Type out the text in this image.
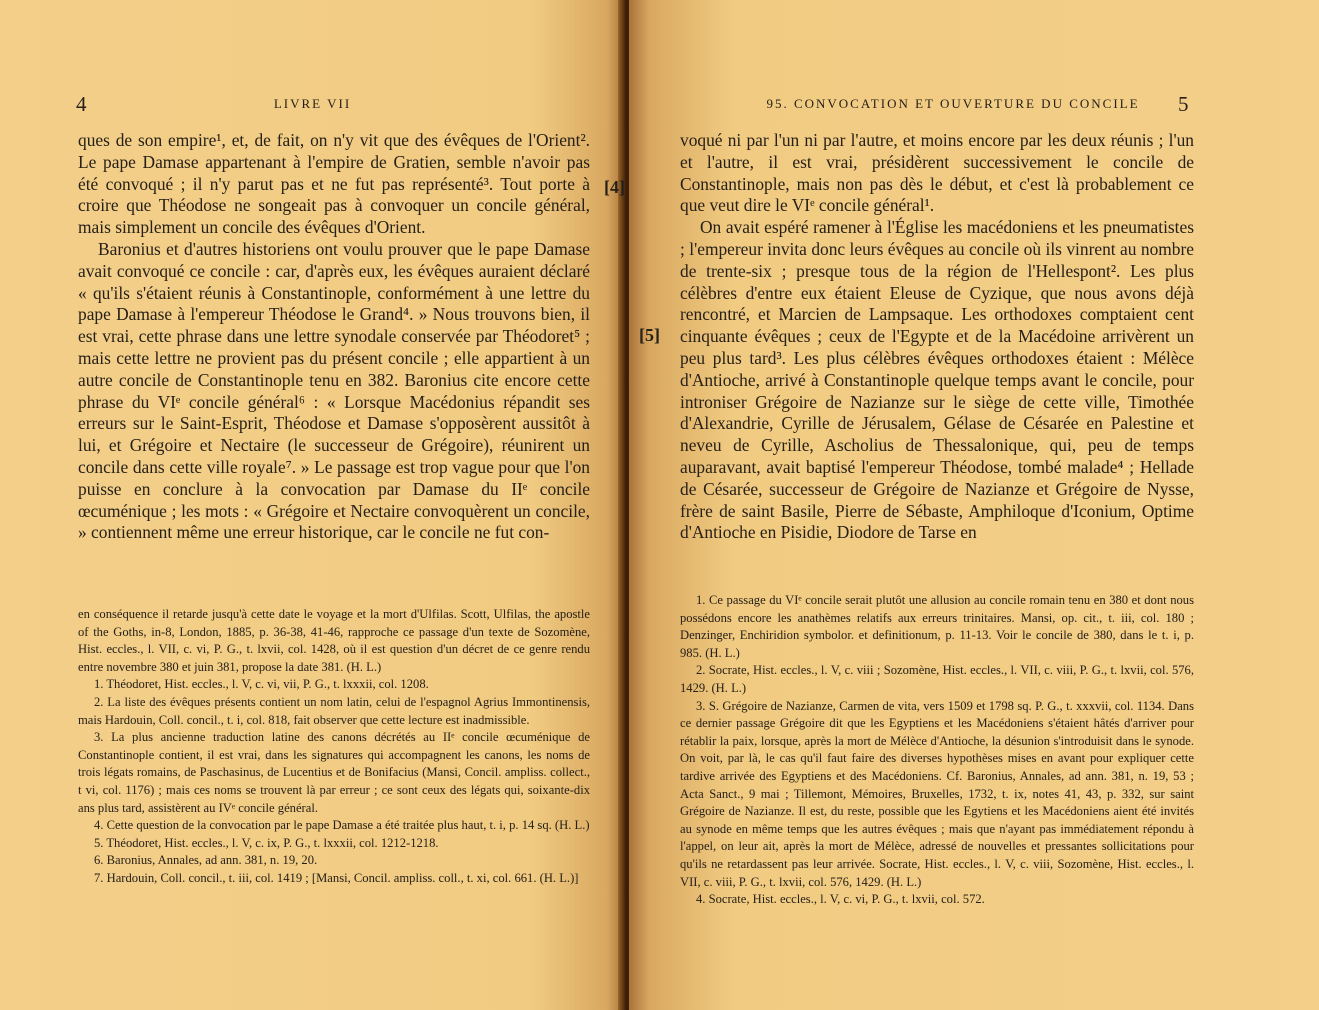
4	LIVRE VII

ques de son empire¹, et, de fait, on n'y vit que des évêques de l'Orient². Le pape Damase appartenant à l'empire de Gratien, semble n'avoir pas été convoqué ; il n'y parut pas et ne fut pas représenté³. Tout porte à croire que Théodose ne songeait pas à convoquer un concile général, mais simplement un concile des évêques d'Orient.

Baronius et d'autres historiens ont voulu prouver que le pape Damase avait convoqué ce concile : car, d'après eux, les évêques auraient déclaré « qu'ils s'étaient réunis à Constantinople, conformément à une lettre du pape Damase à l'empereur Théodose le Grand⁴. » Nous trouvons bien, il est vrai, cette phrase dans une lettre synodale conservée par Théodoret⁵ ; mais cette lettre ne provient pas du présent concile ; elle appartient à un autre concile de Constantinople tenu en 382. Baronius cite encore cette phrase du VIᵉ concile général⁶ : « Lorsque Macédonius répandit ses erreurs sur le Saint-Esprit, Théodose et Damase s'opposèrent aussitôt à lui, et Grégoire et Nectaire (le successeur de Grégoire), réunirent un concile dans cette ville royale⁷. » Le passage est trop vague pour que l'on puisse en conclure à la convocation par Damase du IIᵉ concile œcuménique ; les mots : « Grégoire et Nectaire convoquèrent un concile, » contiennent même une erreur historique, car le concile ne fut con-

en conséquence il retarde jusqu'à cette date le voyage et la mort d'Ulfilas. Scott, Ulfilas, the apostle of the Goths, in-8, London, 1885, p. 36-38, 41-46, rapproche ce passage d'un texte de Sozomène, Hist. eccles., l. VII, c. vi, P. G., t. lxvii, col. 1428, où il est question d'un décret de ce genre rendu entre novembre 380 et juin 381, propose la date 381. (H. L.)

1. Théodoret, Hist. eccles., l. V, c. vi, vii, P. G., t. lxxxii, col. 1208.

2. La liste des évêques présents contient un nom latin, celui de l'espagnol Agrius Immontinensis, mais Hardouin, Coll. concil., t. i, col. 818, fait observer que cette lecture est inadmissible.

3. La plus ancienne traduction latine des canons décrétés au IIᵉ concile œcuménique de Constantinople contient, il est vrai, dans les signatures qui accompagnent les canons, les noms de trois légats romains, de Paschasinus, de Lucentius et de Bonifacius (Mansi, Concil. ampliss. collect., t vi, col. 1176) ; mais ces noms se trouvent là par erreur ; ce sont ceux des légats qui, soixante-dix ans plus tard, assistèrent au IVᵉ concile général.

4. Cette question de la convocation par le pape Damase a été traitée plus haut, t. i, p. 14 sq. (H. L.)

5. Théodoret, Hist. eccles., l. V, c. ix, P. G., t. lxxxii, col. 1212-1218.

6. Baronius, Annales, ad ann. 381, n. 19, 20.

7. Hardouin, Coll. concil., t. iii, col. 1419 ; [Mansi, Concil. ampliss. coll., t. xi, col. 661. (H. L.)]

95. CONVOCATION ET OUVERTURE DU CONCILE	5
[4]
[5]

voqué ni par l'un ni par l'autre, et moins encore par les deux réunis ; l'un et l'autre, il est vrai, présidèrent successivement le concile de Constantinople, mais non pas dès le début, et c'est là probablement ce que veut dire le VIᵉ concile général¹.

On avait espéré ramener à l'Église les macédoniens et les pneumatistes ; l'empereur invita donc leurs évêques au concile où ils vinrent au nombre de trente-six ; presque tous de la région de l'Hellespont². Les plus célèbres d'entre eux étaient Eleuse de Cyzique, que nous avons déjà rencontré, et Marcien de Lampsaque. Les orthodoxes comptaient cent cinquante évêques ; ceux de l'Egypte et de la Macédoine arrivèrent un peu plus tard³. Les plus célèbres évêques orthodoxes étaient : Mélèce d'Antioche, arrivé à Constantinople quelque temps avant le concile, pour introniser Grégoire de Nazianze sur le siège de cette ville, Timothée d'Alexandrie, Cyrille de Jérusalem, Gélase de Césarée en Palestine et neveu de Cyrille, Ascholius de Thessalonique, qui, peu de temps auparavant, avait baptisé l'empereur Théodose, tombé malade⁴ ; Hellade de Césarée, successeur de Grégoire de Nazianze et Grégoire de Nysse, frère de saint Basile, Pierre de Sébaste, Amphiloque d'Iconium, Optime d'Antioche en Pisidie, Diodore de Tarse en

1. Ce passage du VIᵉ concile serait plutôt une allusion au concile romain tenu en 380 et dont nous possédons encore les anathèmes relatifs aux erreurs trinitaires. Mansi, op. cit., t. iii, col. 180 ; Denzinger, Enchiridion symbolor. et definitionum, p. 11-13. Voir le concile de 380, dans le t. i, p. 985. (H. L.)

2. Socrate, Hist. eccles., l. V, c. viii ; Sozomène, Hist. eccles., l. VII, c. viii, P. G., t. lxvii, col. 576, 1429. (H. L.)

3. S. Grégoire de Nazianze, Carmen de vita, vers 1509 et 1798 sq. P. G., t. xxxvii, col. 1134. Dans ce dernier passage Grégoire dit que les Egyptiens et les Macédoniens s'étaient hâtés d'arriver pour rétablir la paix, lorsque, après la mort de Mélèce d'Antioche, la désunion s'introduisit dans le synode. On voit, par là, le cas qu'il faut faire des diverses hypothèses mises en avant pour expliquer cette tardive arrivée des Egyptiens et des Macédoniens. Cf. Baronius, Annales, ad ann. 381, n. 19, 53 ; Acta Sanct., 9 mai ; Tillemont, Mémoires, Bruxelles, 1732, t. ix, notes 41, 43, p. 332, sur saint Grégoire de Nazianze. Il est, du reste, possible que les Egytiens et les Macédoniens aient été invités au synode en même temps que les autres évêques ; mais que n'ayant pas immédiatement répondu à l'appel, on leur ait, après la mort de Mélèce, adressé de nouvelles et pressantes sollicitations pour qu'ils ne retardassent pas leur arrivée. Socrate, Hist. eccles., l. V, c. viii, Sozomène, Hist. eccles., l. VII, c. viii, P. G., t. lxvii, col. 576, 1429. (H. L.)

4. Socrate, Hist. eccles., l. V, c. vi, P. G., t. lxvii, col. 572.
